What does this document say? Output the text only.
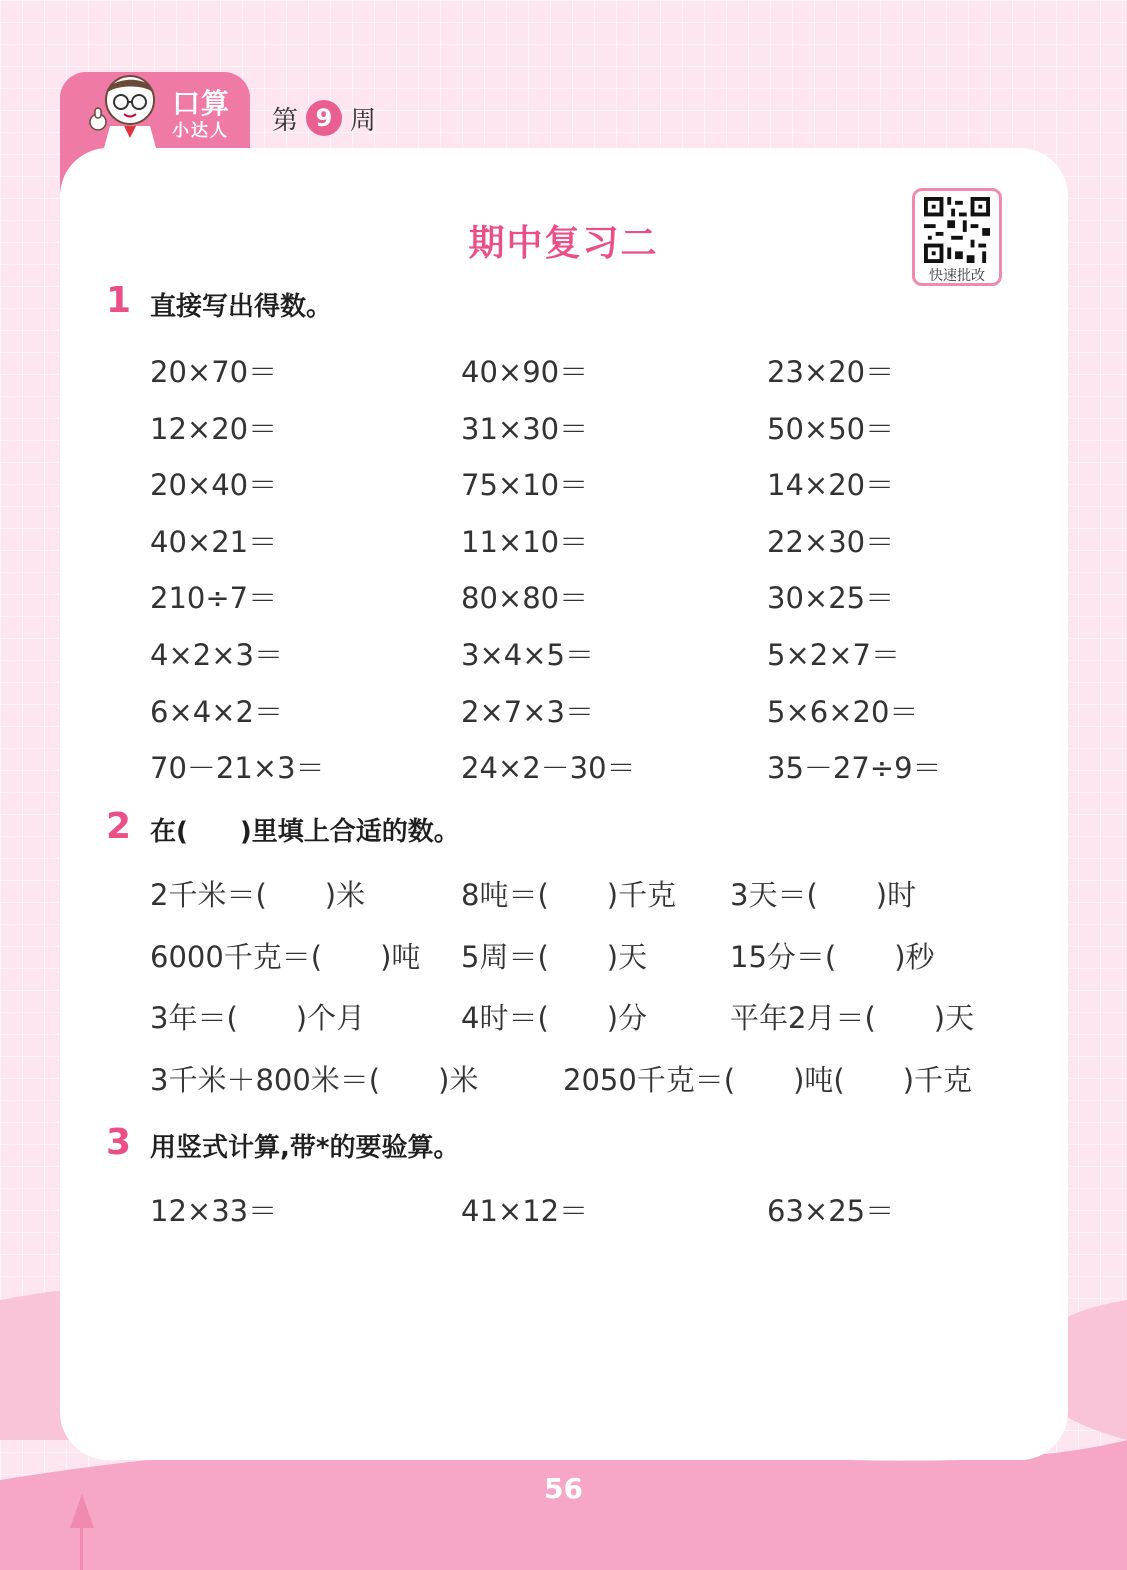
口算
小达人 第 9 周
期中复习二
快速批改
1 直接写出得数。
20×70＝	40×90＝	23×20＝
12×20＝	31×30＝	50×50＝
20×40＝	75×10＝	14×20＝
40×21＝	11×10＝	22×30＝
210÷7＝	80×80＝	30×25＝
4×2×3＝	3×4×5＝	5×2×7＝
6×4×2＝	2×7×3＝	5×6×20＝
70－21×3＝	24×2－30＝	35－27÷9＝
2 在(　　)里填上合适的数。
2千米＝(　　)米	8吨＝(　　)千克 3天＝(　　)时
6000千克＝(　　)吨 5周＝(　　)天	15分＝(　　)秒
3年＝(　　)个月	4时＝(　　)分	平年2月＝(　　)天
3千米＋800米＝(　　)米	2050千克＝(　　)吨(　　)千克
3 用竖式计算,带*的要验算。
12×33＝	41×12＝	63×25＝
56
